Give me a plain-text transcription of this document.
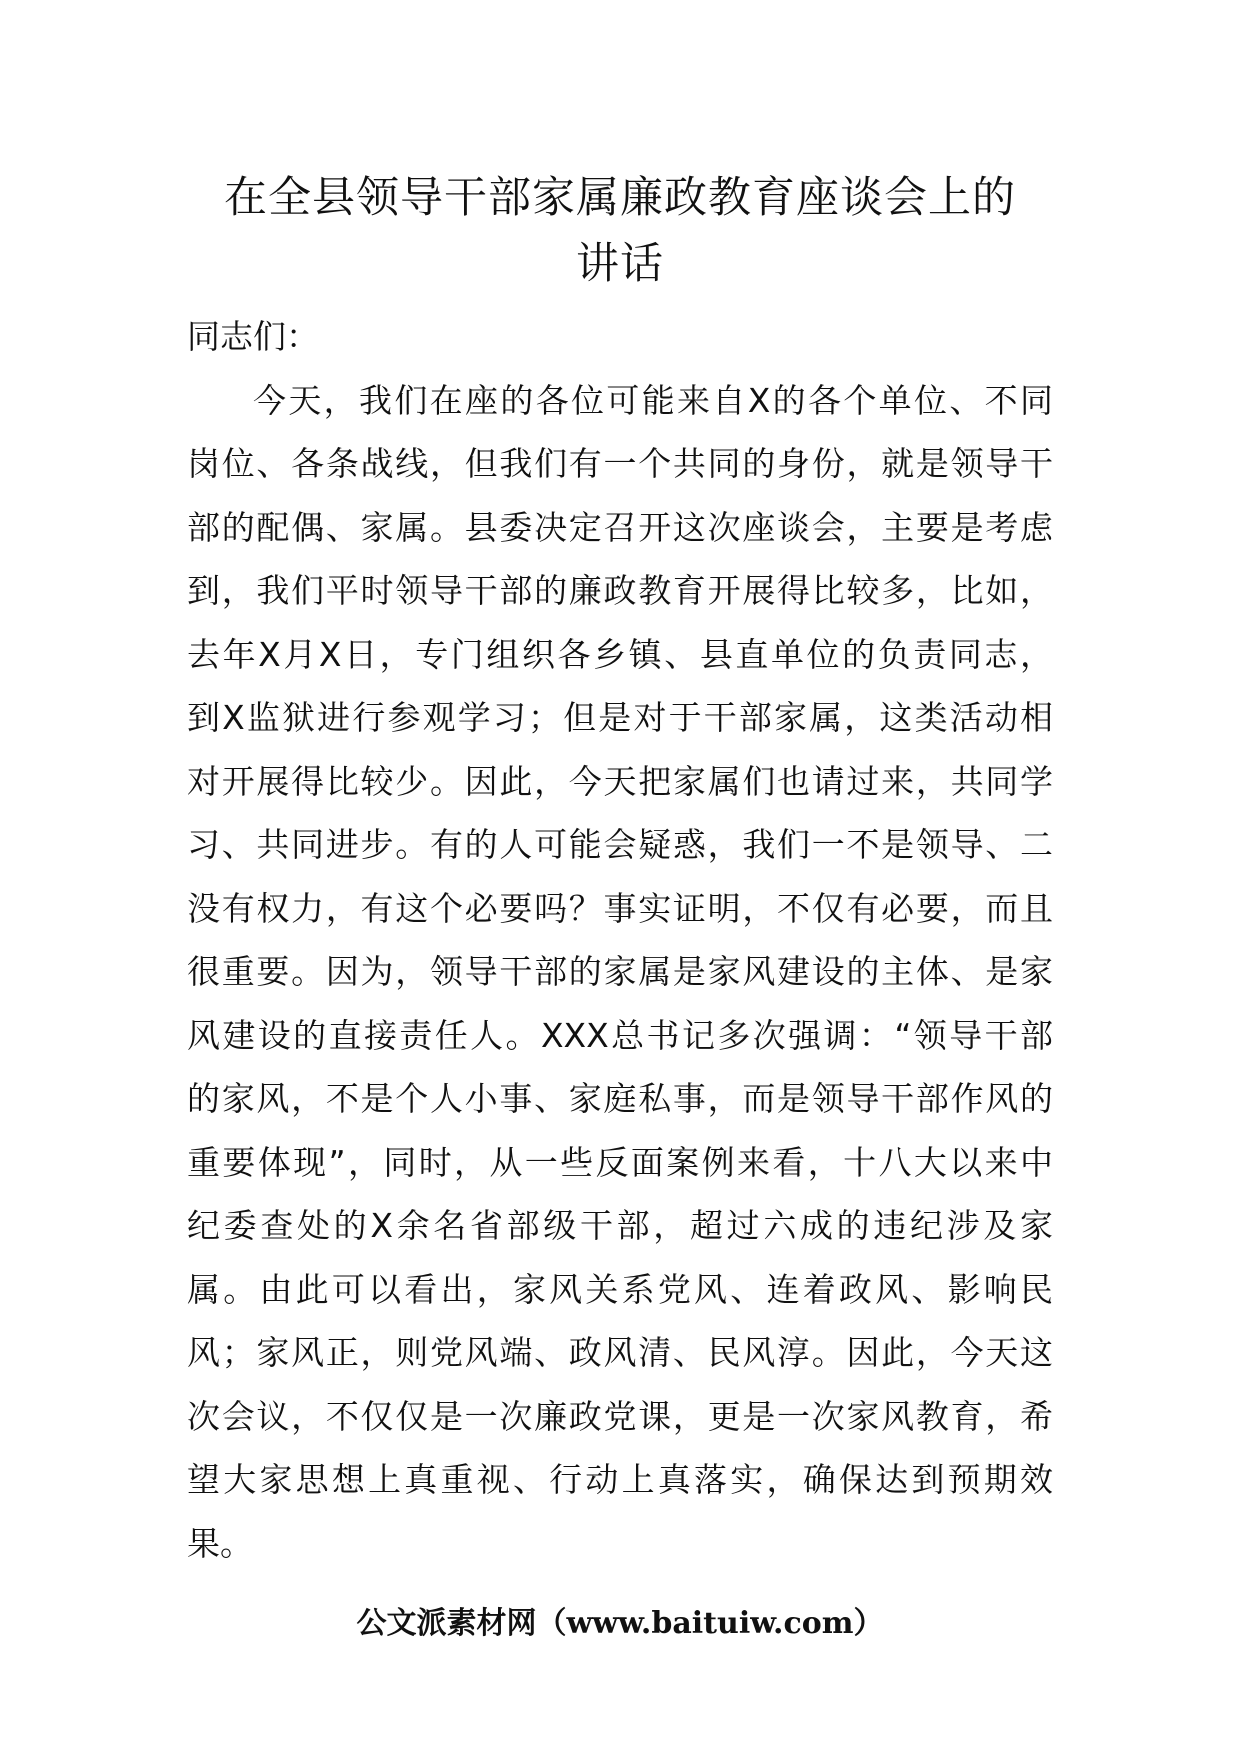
在全县领导干部家属廉政教育座谈会上的
讲话
同志们：
今天，我们在座的各位可能来自X的各个单位、不同
岗位、各条战线，但我们有一个共同的身份，就是领导干
部的配偶、家属。县委决定召开这次座谈会，主要是考虑
到，我们平时领导干部的廉政教育开展得比较多，比如，
去年X月X日，专门组织各乡镇、县直单位的负责同志，
到X监狱进行参观学习；但是对于干部家属，这类活动相
对开展得比较少。因此，今天把家属们也请过来，共同学
习、共同进步。有的人可能会疑惑，我们一不是领导、二
没有权力，有这个必要吗？事实证明，不仅有必要，而且
很重要。因为，领导干部的家属是家风建设的主体、是家
风建设的直接责任人。XXX总书记多次强调：“领导干部
的家风，不是个人小事、家庭私事，而是领导干部作风的
重要体现”，同时，从一些反面案例来看，十八大以来中
纪委查处的X余名省部级干部，超过六成的违纪涉及家
属。由此可以看出，家风关系党风、连着政风、影响民
风；家风正，则党风端、政风清、民风淳。因此，今天这
次会议，不仅仅是一次廉政党课，更是一次家风教育，希
望大家思想上真重视、行动上真落实，确保达到预期效
果。
公文派素材网（www.baituiw.com）
